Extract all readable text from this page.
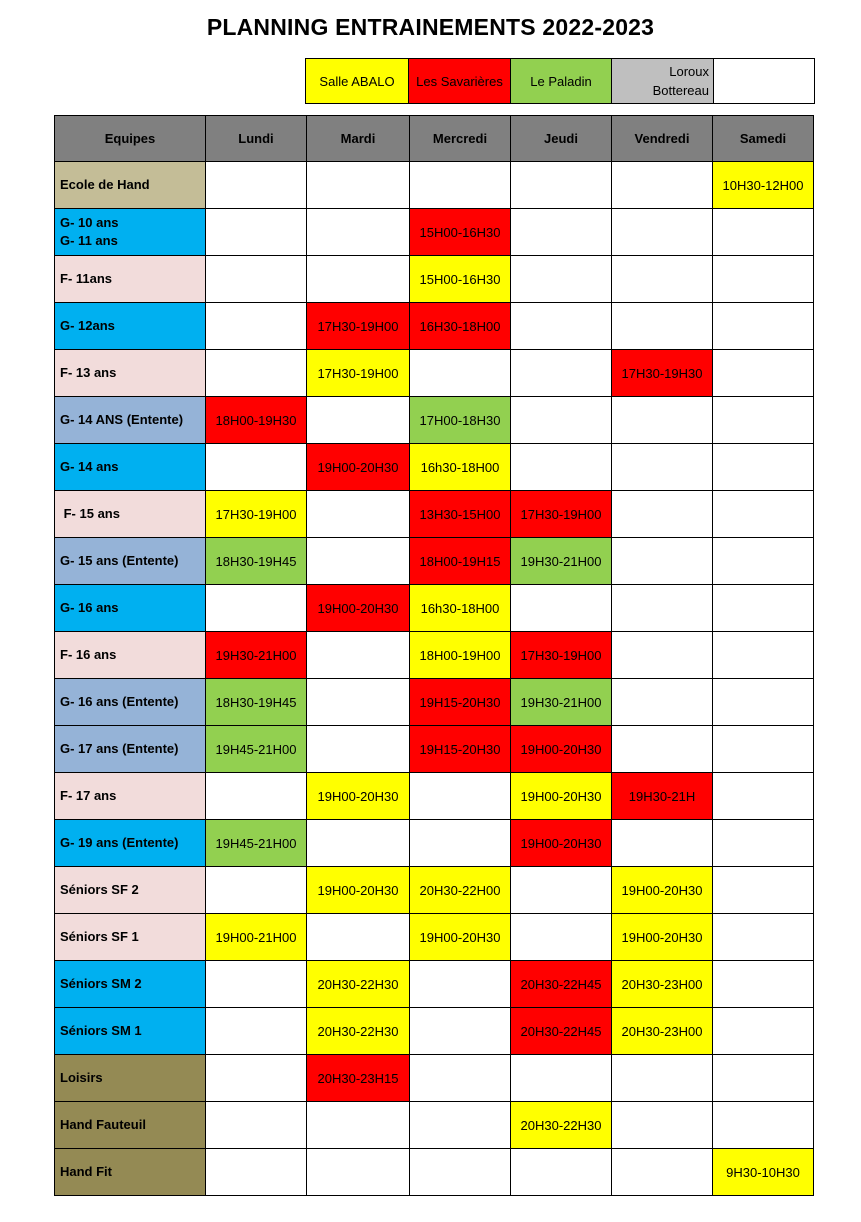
PLANNING ENTRAINEMENTS 2022-2023
Salle ABALO	Les Savarières	Le Paladin	Loroux
Bottereau	
Equipes	Lundi	Mardi	Mercredi	Jeudi	Vendredi	Samedi
Ecole de Hand						10H30-12H00
G- 10 ans
G- 11 ans			15H00-16H30			
F- 11ans			15H00-16H30			
G- 12ans		17H30-19H00	16H30-18H00			
F- 13 ans		17H30-19H00			17H30-19H30	
G- 14 ANS (Entente)	18H00-19H30		17H00-18H30			
G- 14 ans		19H00-20H30	16h30-18H00			
F- 15 ans	17H30-19H00		13H30-15H00	17H30-19H00		
G- 15 ans (Entente)	18H30-19H45		18H00-19H15	19H30-21H00		
G- 16 ans		19H00-20H30	16h30-18H00			
F- 16 ans	19H30-21H00		18H00-19H00	17H30-19H00		
G- 16 ans (Entente)	18H30-19H45		19H15-20H30	19H30-21H00		
G- 17 ans (Entente)	19H45-21H00		19H15-20H30	19H00-20H30		
F- 17 ans		19H00-20H30		19H00-20H30	19H30-21H	
G- 19 ans (Entente)	19H45-21H00			19H00-20H30		
Séniors SF 2		19H00-20H30	20H30-22H00		19H00-20H30	
Séniors SF 1	19H00-21H00		19H00-20H30		19H00-20H30	
Séniors SM 2		20H30-22H30		20H30-22H45	20H30-23H00	
Séniors SM 1		20H30-22H30		20H30-22H45	20H30-23H00	
Loisirs		20H30-23H15				
Hand Fauteuil				20H30-22H30		
Hand Fit						9H30-10H30
